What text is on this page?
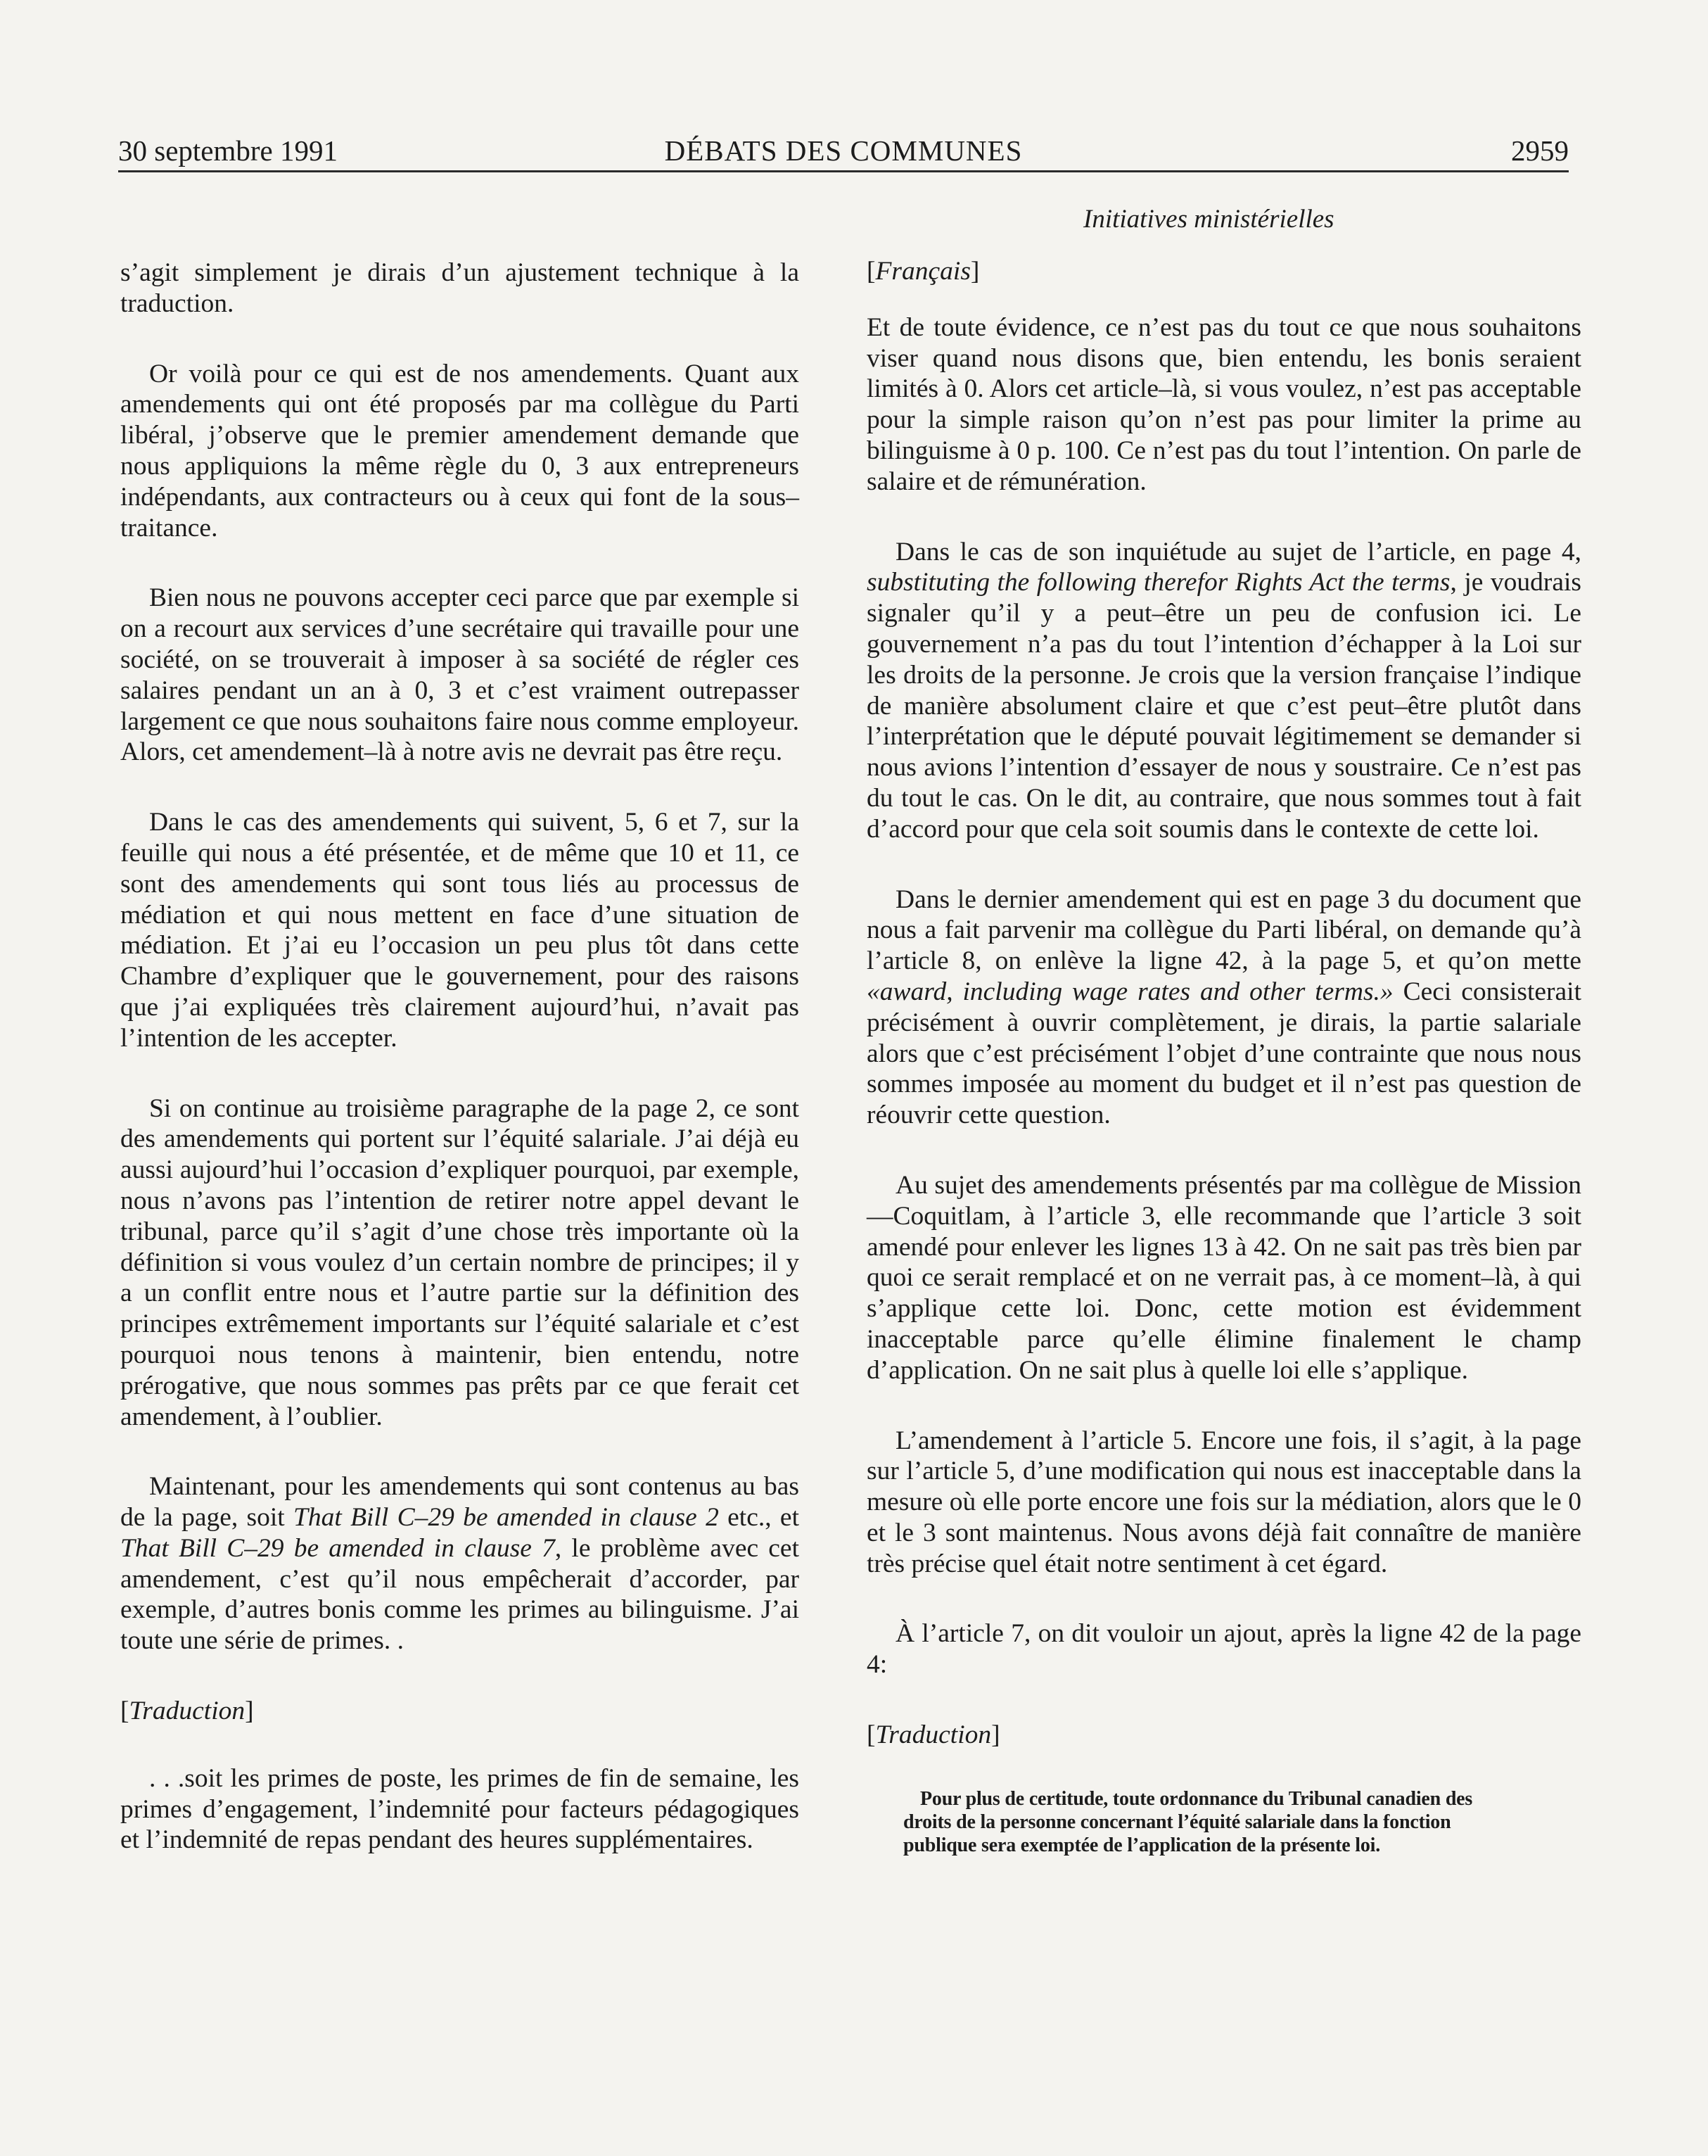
30 septembre 1991	DÉBATS DES COMMUNES	2959
Initiatives ministérielles

s’agit simplement je dirais d’un ajustement technique à la traduction.

Or voilà pour ce qui est de nos amendements. Quant aux amendements qui ont été proposés par ma collègue du Parti libéral, j’observe que le premier amendement demande que nous appliquions la même règle du 0, 3 aux entrepreneurs indépendants, aux contracteurs ou à ceux qui font de la sous–traitance.

Bien nous ne pouvons accepter ceci parce que par exemple si on a recourt aux services d’une secrétaire qui travaille pour une société, on se trouverait à imposer à sa société de régler ces salaires pendant un an à 0, 3 et c’est vraiment outrepasser largement ce que nous souhaitons faire nous comme employeur. Alors, cet amendement–là à notre avis ne devrait pas être reçu.

Dans le cas des amendements qui suivent, 5, 6 et 7, sur la feuille qui nous a été présentée, et de même que 10 et 11, ce sont des amendements qui sont tous liés au processus de médiation et qui nous mettent en face d’une situation de médiation. Et j’ai eu l’occasion un peu plus tôt dans cette Chambre d’expliquer que le gouvernement, pour des raisons que j’ai expliquées très clairement aujourd’hui, n’avait pas l’intention de les accepter.

Si on continue au troisième paragraphe de la page 2, ce sont des amendements qui portent sur l’équité salariale. J’ai déjà eu aussi aujourd’hui l’occasion d’expliquer pourquoi, par exemple, nous n’avons pas l’intention de retirer notre appel devant le tribunal, parce qu’il s’agit d’une chose très importante où la définition si vous voulez d’un certain nombre de principes; il y a un conflit entre nous et l’autre partie sur la définition des principes extrêmement importants sur l’équité salariale et c’est pourquoi nous tenons à maintenir, bien entendu, notre prérogative, que nous sommes pas prêts par ce que ferait cet amendement, à l’oublier.

Maintenant, pour les amendements qui sont contenus au bas de la page, soit That Bill C–29 be amended in clause 2 etc., et That Bill C–29 be amended in clause 7, le problème avec cet amendement, c’est qu’il nous empêcherait d’accorder, par exemple, d’autres bonis comme les primes au bilinguisme. J’ai toute une série de primes. .

[Traduction]

. . .soit les primes de poste, les primes de fin de semaine, les primes d’engagement, l’indemnité pour facteurs pédagogiques et l’indemnité de repas pendant des heures supplémentaires.

[Français]

Et de toute évidence, ce n’est pas du tout ce que nous souhaitons viser quand nous disons que, bien entendu, les bonis seraient limités à 0. Alors cet article–là, si vous voulez, n’est pas acceptable pour la simple raison qu’on n’est pas pour limiter la prime au bilinguisme à 0 p. 100. Ce n’est pas du tout l’intention. On parle de salaire et de rémunération.

Dans le cas de son inquiétude au sujet de l’article, en page 4, substituting the following therefor Rights Act the terms, je voudrais signaler qu’il y a peut–être un peu de confusion ici. Le gouvernement n’a pas du tout l’intention d’échapper à la Loi sur les droits de la personne. Je crois que la version française l’indique de manière absolument claire et que c’est peut–être plutôt dans l’interprétation que le député pouvait légitimement se demander si nous avions l’intention d’essayer de nous y soustraire. Ce n’est pas du tout le cas. On le dit, au contraire, que nous sommes tout à fait d’accord pour que cela soit soumis dans le contexte de cette loi.

Dans le dernier amendement qui est en page 3 du document que nous a fait parvenir ma collègue du Parti libéral, on demande qu’à l’article 8, on enlève la ligne 42, à la page 5, et qu’on mette «award, including wage rates and other terms.» Ceci consisterait précisément à ouvrir complètement, je dirais, la partie salariale alors que c’est précisément l’objet d’une contrainte que nous nous sommes imposée au moment du budget et il n’est pas question de réouvrir cette question.

Au sujet des amendements présentés par ma collègue de Mission—Coquitlam, à l’article 3, elle recommande que l’article 3 soit amendé pour enlever les lignes 13 à 42. On ne sait pas très bien par quoi ce serait remplacé et on ne verrait pas, à ce moment–là, à qui s’applique cette loi. Donc, cette motion est évidemment inacceptable parce qu’elle élimine finalement le champ d’application. On ne sait plus à quelle loi elle s’applique.

L’amendement à l’article 5. Encore une fois, il s’agit, à la page sur l’article 5, d’une modification qui nous est inacceptable dans la mesure où elle porte encore une fois sur la médiation, alors que le 0 et le 3 sont maintenus. Nous avons déjà fait connaître de manière très précise quel était notre sentiment à cet égard.

À l’article 7, on dit vouloir un ajout, après la ligne 42 de la page 4:

[Traduction]
Pour plus de certitude, toute ordonnance du Tribunal canadien des
droits de la personne concernant l’équité salariale dans la fonction
publique sera exemptée de l’application de la présente loi.
